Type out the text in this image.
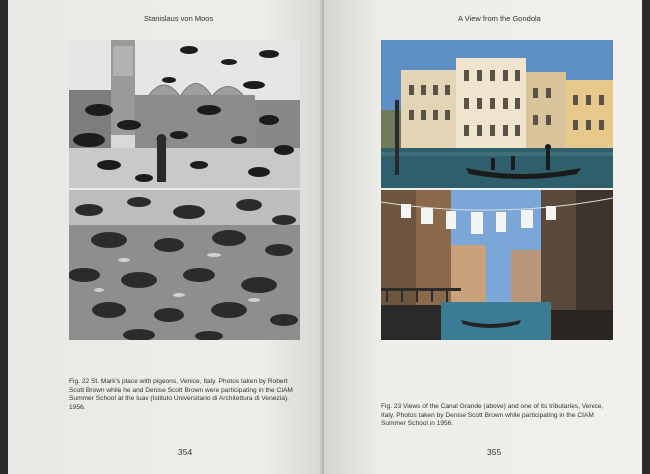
Stanislaus von Moos
Fig. 22 St. Mark’s place with pigeons, Venice, Italy. Photos taken by Robert Scott Brown while he and Denise Scott Brown were participating in the CIAM Summer School at the Iuav (Istituto Universitario di Architettura di Venezia), 1956.
354
A View from the Gondola
Fig. 23 Views of the Canal Grande (above) and one of its tributaries, Venice, Italy. Photos taken by Denise Scott Brown while participating in the CIAM Summer School in 1956.
355
